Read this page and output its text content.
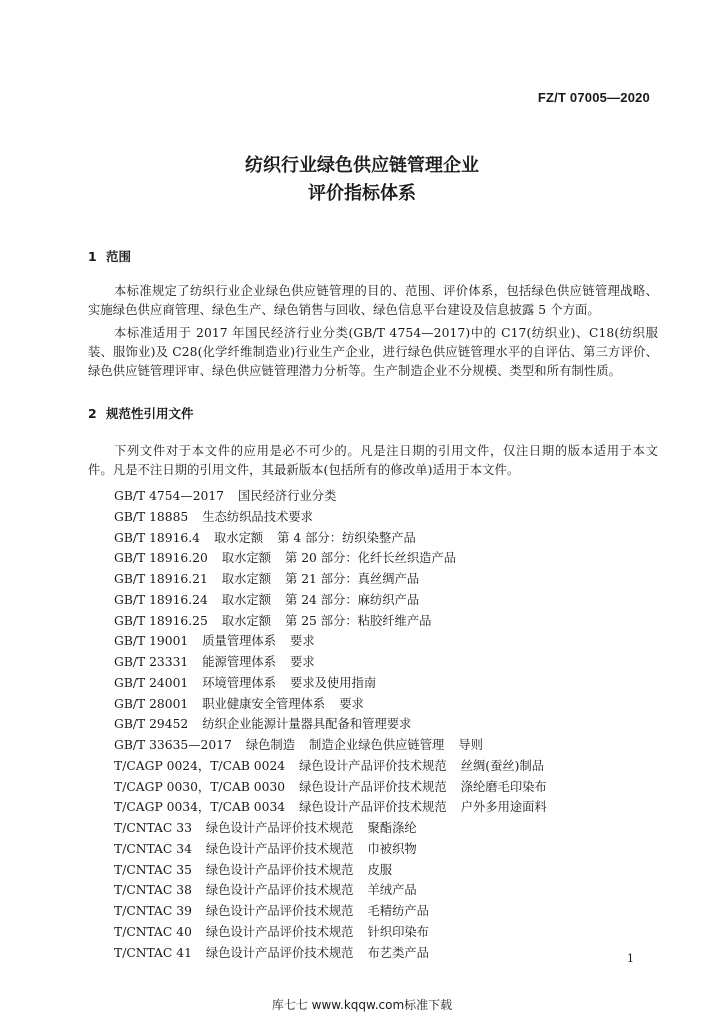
FZ/T 07005—2020
纺织行业绿色供应链管理企业
评价指标体系
1 范围
本标准规定了纺织行业企业绿色供应链管理的目的、范围、评价体系，包括绿色供应链管理战略、实施绿色供应商管理、绿色生产、绿色销售与回收、绿色信息平台建设及信息披露 5 个方面。
本标准适用于 2017 年国民经济行业分类(GB/T 4754—2017)中的 C17(纺织业)、C18(纺织服装、服饰业)及 C28(化学纤维制造业)行业生产企业，进行绿色供应链管理水平的自评估、第三方评价、绿色供应链管理评审、绿色供应链管理潜力分析等。生产制造企业不分规模、类型和所有制性质。
2 规范性引用文件
下列文件对于本文件的应用是必不可少的。凡是注日期的引用文件，仅注日期的版本适用于本文件。凡是不注日期的引用文件，其最新版本(包括所有的修改单)适用于本文件。
GB/T 4754—2017 国民经济行业分类
GB/T 18885 生态纺织品技术要求
GB/T 18916.4 取水定额 第 4 部分：纺织染整产品
GB/T 18916.20 取水定额 第 20 部分：化纤长丝织造产品
GB/T 18916.21 取水定额 第 21 部分：真丝绸产品
GB/T 18916.24 取水定额 第 24 部分：麻纺织产品
GB/T 18916.25 取水定额 第 25 部分：粘胶纤维产品
GB/T 19001 质量管理体系 要求
GB/T 23331 能源管理体系 要求
GB/T 24001 环境管理体系 要求及使用指南
GB/T 28001 职业健康安全管理体系 要求
GB/T 29452 纺织企业能源计量器具配备和管理要求
GB/T 33635—2017 绿色制造 制造企业绿色供应链管理 导则
T/CAGP 0024，T/CAB 0024 绿色设计产品评价技术规范 丝绸(蚕丝)制品
T/CAGP 0030，T/CAB 0030 绿色设计产品评价技术规范 涤纶磨毛印染布
T/CAGP 0034，T/CAB 0034 绿色设计产品评价技术规范 户外多用途面料
T/CNTAC 33 绿色设计产品评价技术规范 聚酯涤纶
T/CNTAC 34 绿色设计产品评价技术规范 巾被织物
T/CNTAC 35 绿色设计产品评价技术规范 皮服
T/CNTAC 38 绿色设计产品评价技术规范 羊绒产品
T/CNTAC 39 绿色设计产品评价技术规范 毛精纺产品
T/CNTAC 40 绿色设计产品评价技术规范 针织印染布
T/CNTAC 41 绿色设计产品评价技术规范 布艺类产品	1
库七七 www.kqqw.com标准下载
